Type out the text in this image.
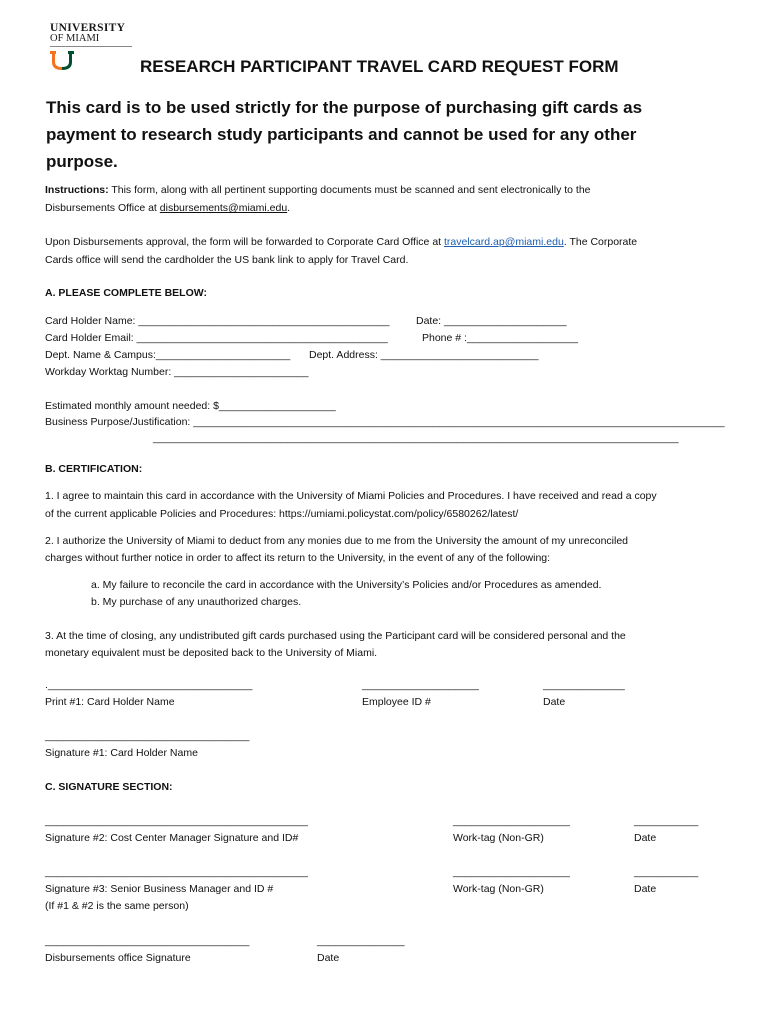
UNIVERSITY
OF MIAMI
RESEARCH PARTICIPANT TRAVEL CARD REQUEST FORM
This card is to be used strictly for the purpose of purchasing gift cards as payment to research study participants and cannot be used for any other purpose.
Instructions: This form, along with all pertinent supporting documents must be scanned and sent electronically to the
Disbursements Office at disbursements@miami.edu.
Upon Disbursements approval, the form will be forwarded to Corporate Card Office at travelcard.ap@miami.edu. The Corporate
Cards office will send the cardholder the US bank link to apply for Travel Card.
A. PLEASE COMPLETE BELOW:
Card Holder Name: ___________________________________________	Date: _____________________
Card Holder Email: ___________________________________________	Phone # :___________________
Dept. Name & Campus:_______________________ Dept. Address: ___________________________
Workday Worktag Number: _______________________
Estimated monthly amount needed: $____________________
Business Purpose/Justification: ___________________________________________________________________________________________
__________________________________________________________________________________________
B. CERTIFICATION:
1. I agree to maintain this card in accordance with the University of Miami Policies and Procedures. I have received and read a copy
of the current applicable Policies and Procedures: https://umiami.policystat.com/policy/6580262/latest/
2. I authorize the University of Miami to deduct from any monies due to me from the University the amount of my unreconciled
charges without further notice in order to affect its return to the University, in the event of any of the following:
a. My failure to reconcile the card in accordance with the University’s Policies and/or Procedures as amended.
b. My purchase of any unauthorized charges.
3. At the time of closing, any undistributed gift cards purchased using the Participant card will be considered personal and the
monetary equivalent must be deposited back to the University of Miami.
.___________________________________
Print #1: Card Holder Name
____________________
Employee ID #
______________
Date
___________________________________
Signature #1: Card Holder Name
C. SIGNATURE SECTION:
_____________________________________________
Signature #2: Cost Center Manager Signature and ID#
____________________
Work-tag (Non-GR)
___________
Date
_____________________________________________
Signature #3: Senior Business Manager and ID #
(If #1 & #2 is the same person)
____________________
Work-tag (Non-GR)
___________
Date
___________________________________
Disbursements office Signature
_______________
Date
